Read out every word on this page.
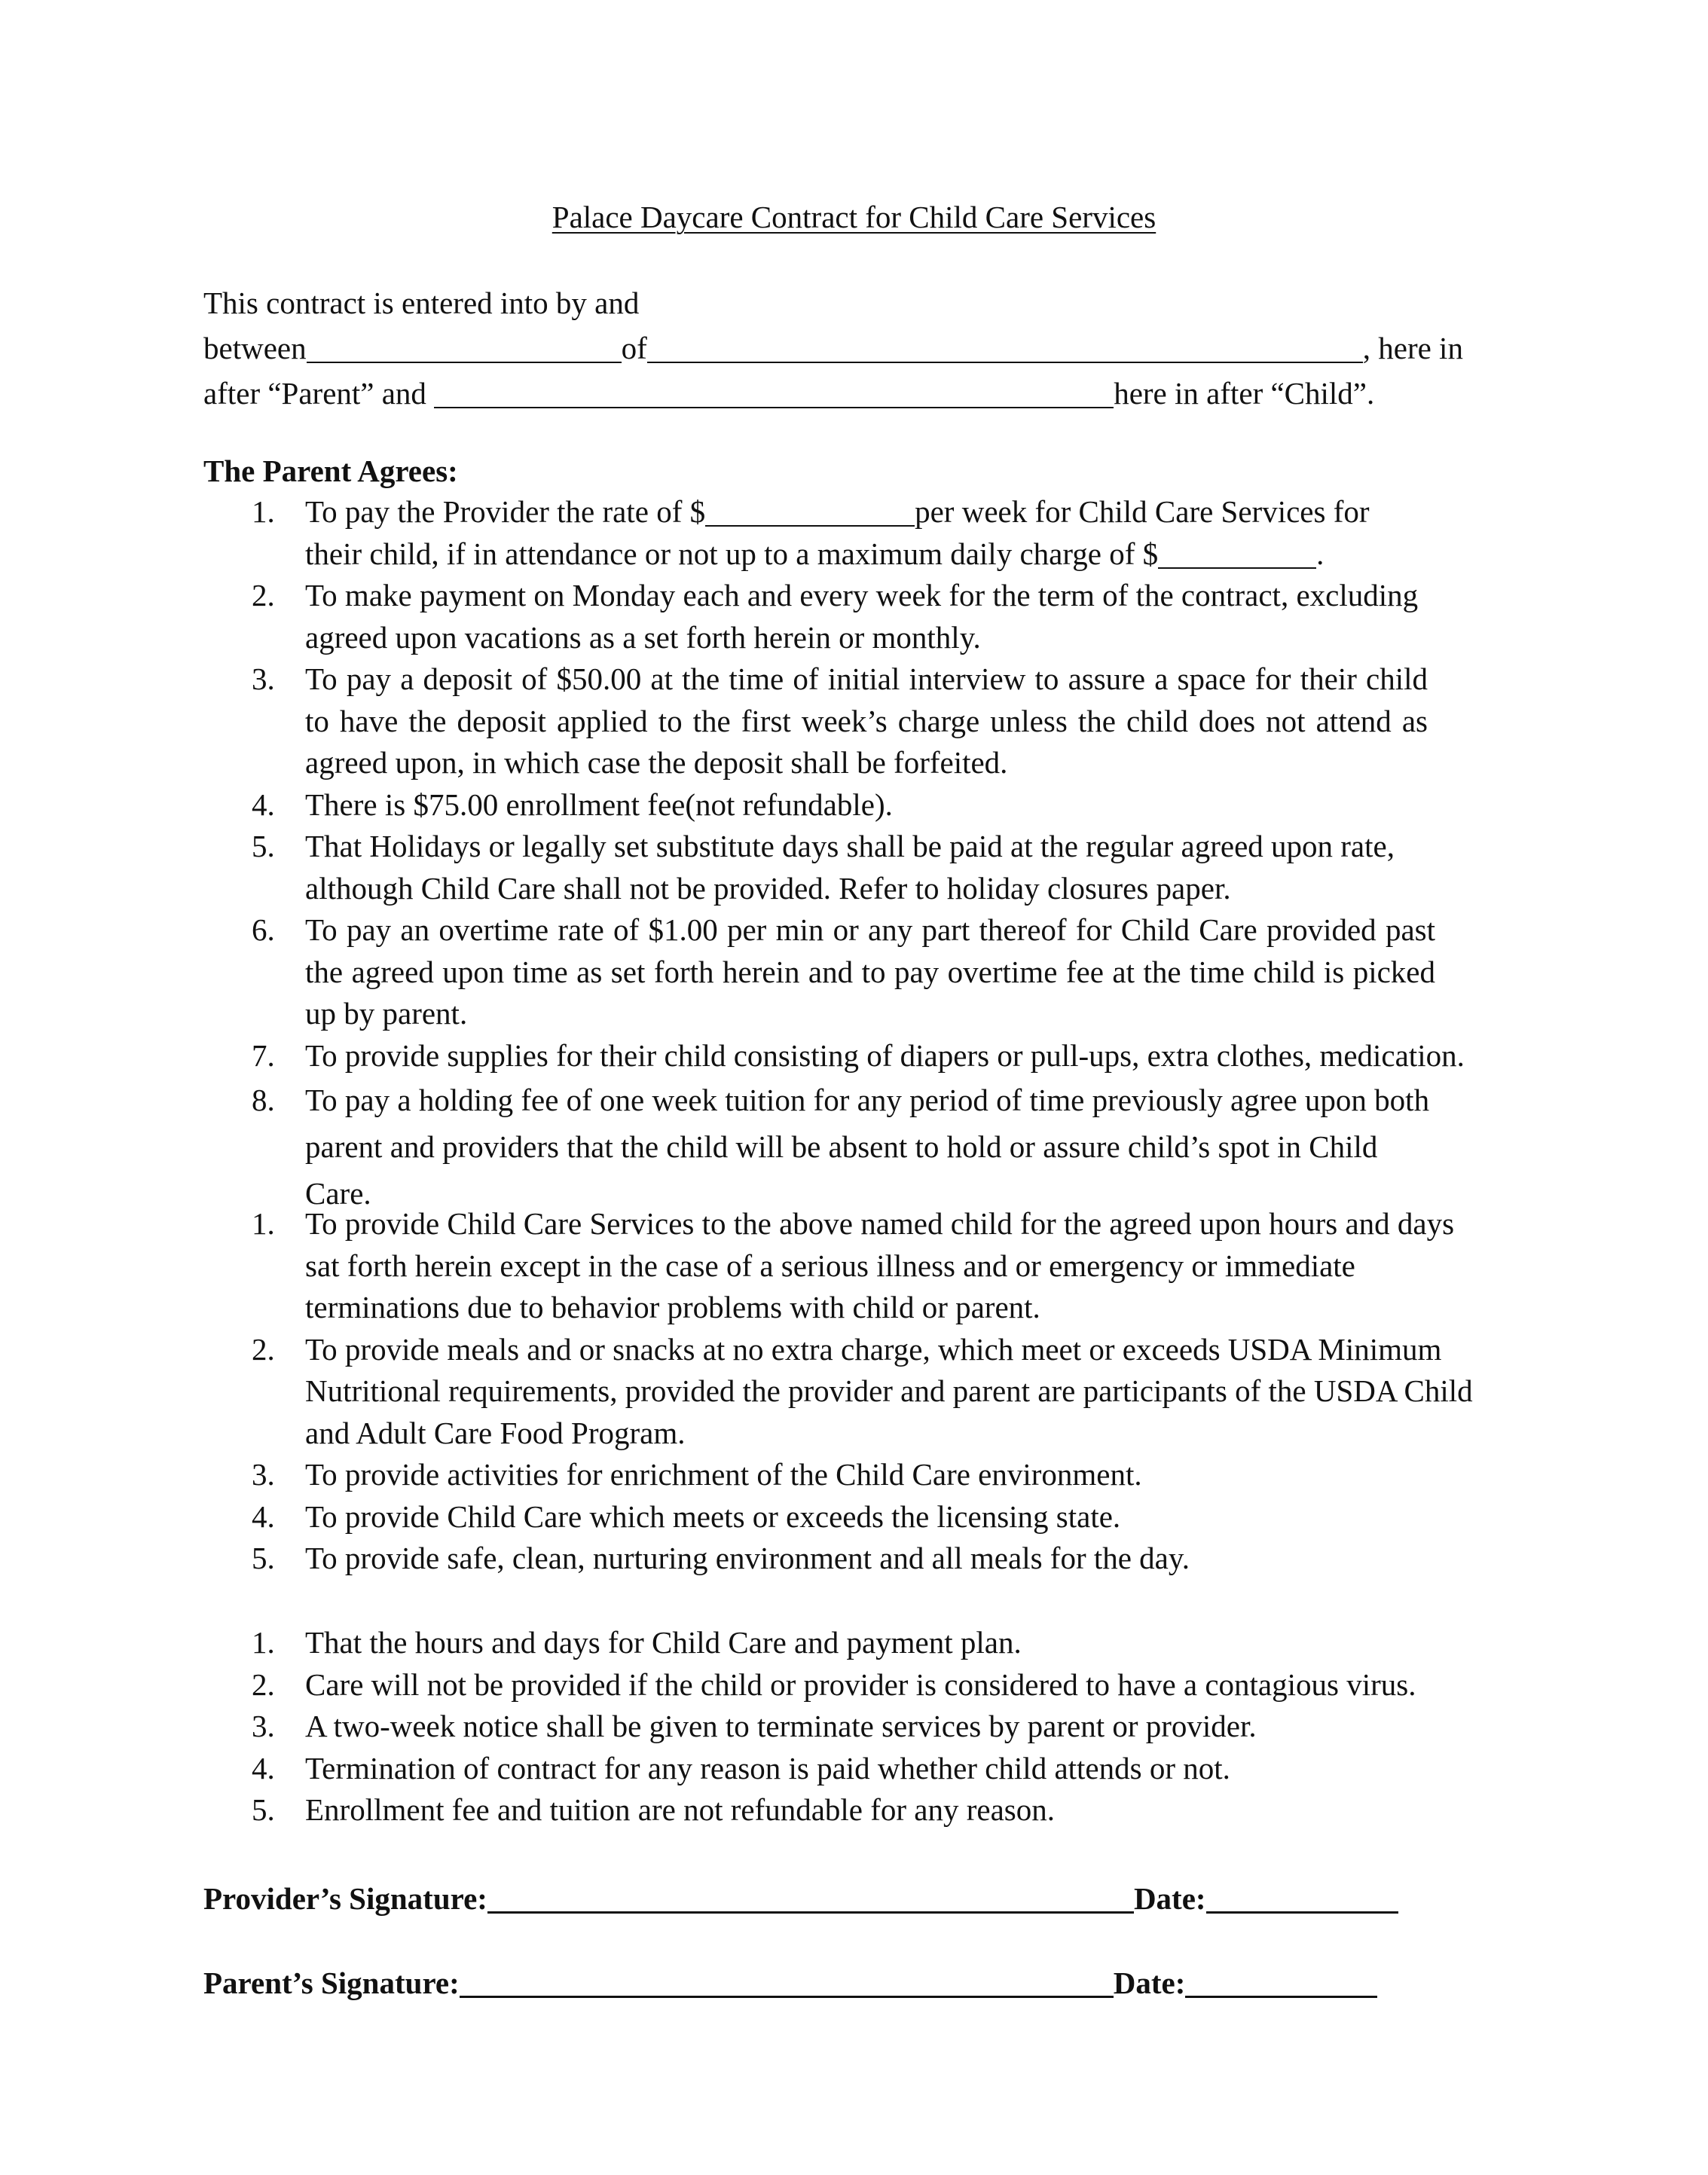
Palace Daycare Contract for Child Care Services
This contract is entered into by and
between	of	, here in
after “Parent” and	here in after “Child”.
The Parent Agrees:
1. To pay the Provider the rate of $	per week for Child Care Services for
their child, if in attendance or not up to a maximum daily charge of $	.
2. To make payment on Monday each and every week for the term of the contract, excluding agreed upon vacations as a set forth herein or monthly.
3. To pay a deposit of $50.00 at the time of initial interview to assure a space for their child to have the deposit applied to the first week’s charge unless the child does not attend as agreed upon, in which case the deposit shall be forfeited.
4. There is $75.00 enrollment fee(not refundable).
5. That Holidays or legally set substitute days shall be paid at the regular agreed upon rate, although Child Care shall not be provided. Refer to holiday closures paper.
6. To pay an overtime rate of $1.00 per min or any part thereof for Child Care provided past the agreed upon time as set forth herein and to pay overtime fee at the time child is picked up by parent.
7. To provide supplies for their child consisting of diapers or pull-ups, extra clothes, medication.
8. To pay a holding fee of one week tuition for any period of time previously agree upon both parent and providers that the child will be absent to hold or assure child’s spot in Child Care.
1. To provide Child Care Services to the above named child for the agreed upon hours and days sat forth herein except in the case of a serious illness and or emergency or immediate terminations due to behavior problems with child or parent.
2. To provide meals and or snacks at no extra charge, which meet or exceeds USDA Minimum Nutritional requirements, provided the provider and parent are participants of the USDA Child and Adult Care Food Program.
3. To provide activities for enrichment of the Child Care environment.
4. To provide Child Care which meets or exceeds the licensing state.
5. To provide safe, clean, nurturing environment and all meals for the day.
1. That the hours and days for Child Care and payment plan.
2. Care will not be provided if the child or provider is considered to have a contagious virus.
3. A two-week notice shall be given to terminate services by parent or provider.
4. Termination of contract for any reason is paid whether child attends or not.
5. Enrollment fee and tuition are not refundable for any reason.
Provider’s Signature:	Date:
Parent’s Signature:	Date:
